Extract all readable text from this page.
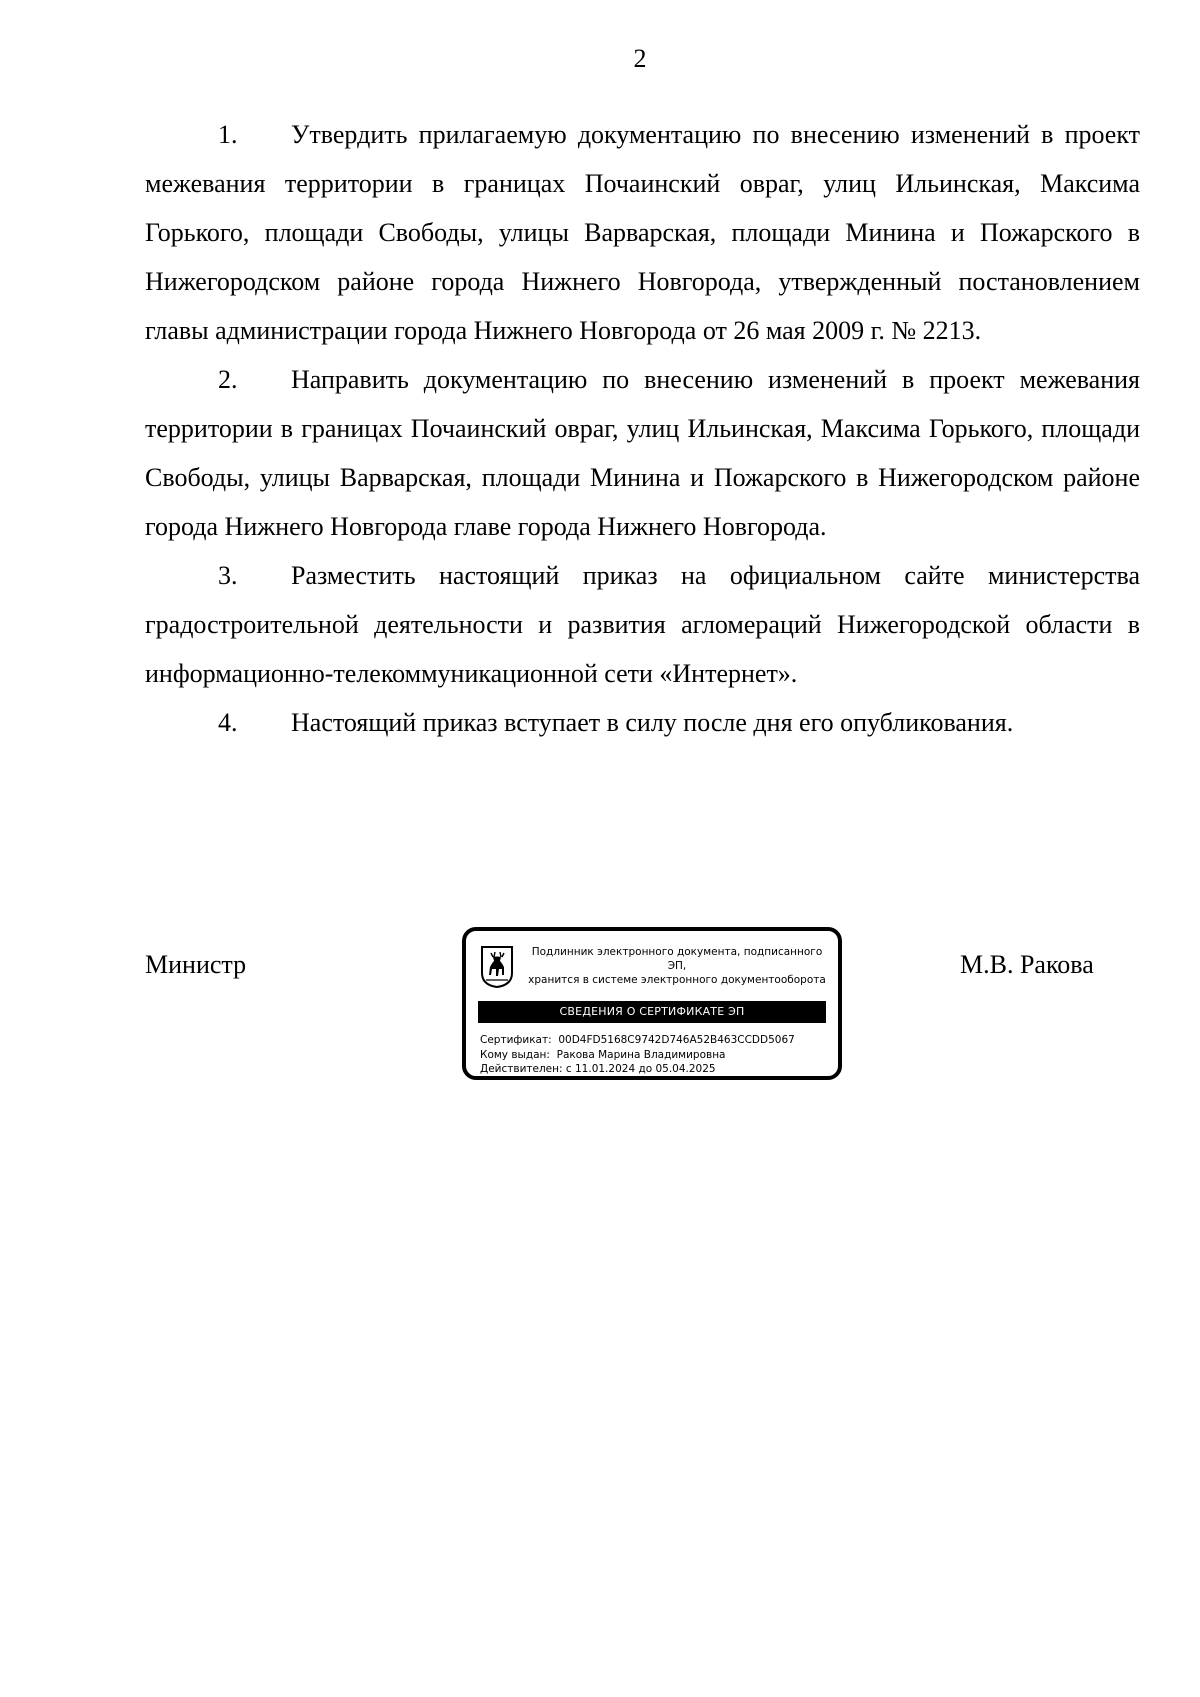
2

1. Утвердить прилагаемую документацию по внесению изменений в проект межевания территории в границах Почаинский овраг, улиц Ильинская, Максима Горького, площади Свободы, улицы Варварская, площади Минина и Пожарского в Нижегородском районе города Нижнего Новгорода, утвержденный постановлением главы администрации города Нижнего Новгорода от 26 мая 2009 г. № 2213.

2. Направить документацию по внесению изменений в проект межевания территории в границах Почаинский овраг, улиц Ильинская, Максима Горького, площади Свободы, улицы Варварская, площади Минина и Пожарского в Нижегородском районе города Нижнего Новгорода главе города Нижнего Новгорода.

3. Разместить настоящий приказ на официальном сайте министерства градостроительной деятельности и развития агломераций Нижегородской области в информационно-телекоммуникационной сети «Интернет».

4. Настоящий приказ вступает в силу после дня его опубликования.

Министр	Подлинник электронного документа, подписанного ЭП,
хранится в системе электронного документооборота
СВЕДЕНИЯ О СЕРТИФИКАТЕ ЭП
Сертификат: 00D4FD5168C9742D746A52B463CCDD5067
Кому выдан: Ракова Марина Владимировна
Действителен: с 11.01.2024 до 05.04.2025
М.В. Ракова
